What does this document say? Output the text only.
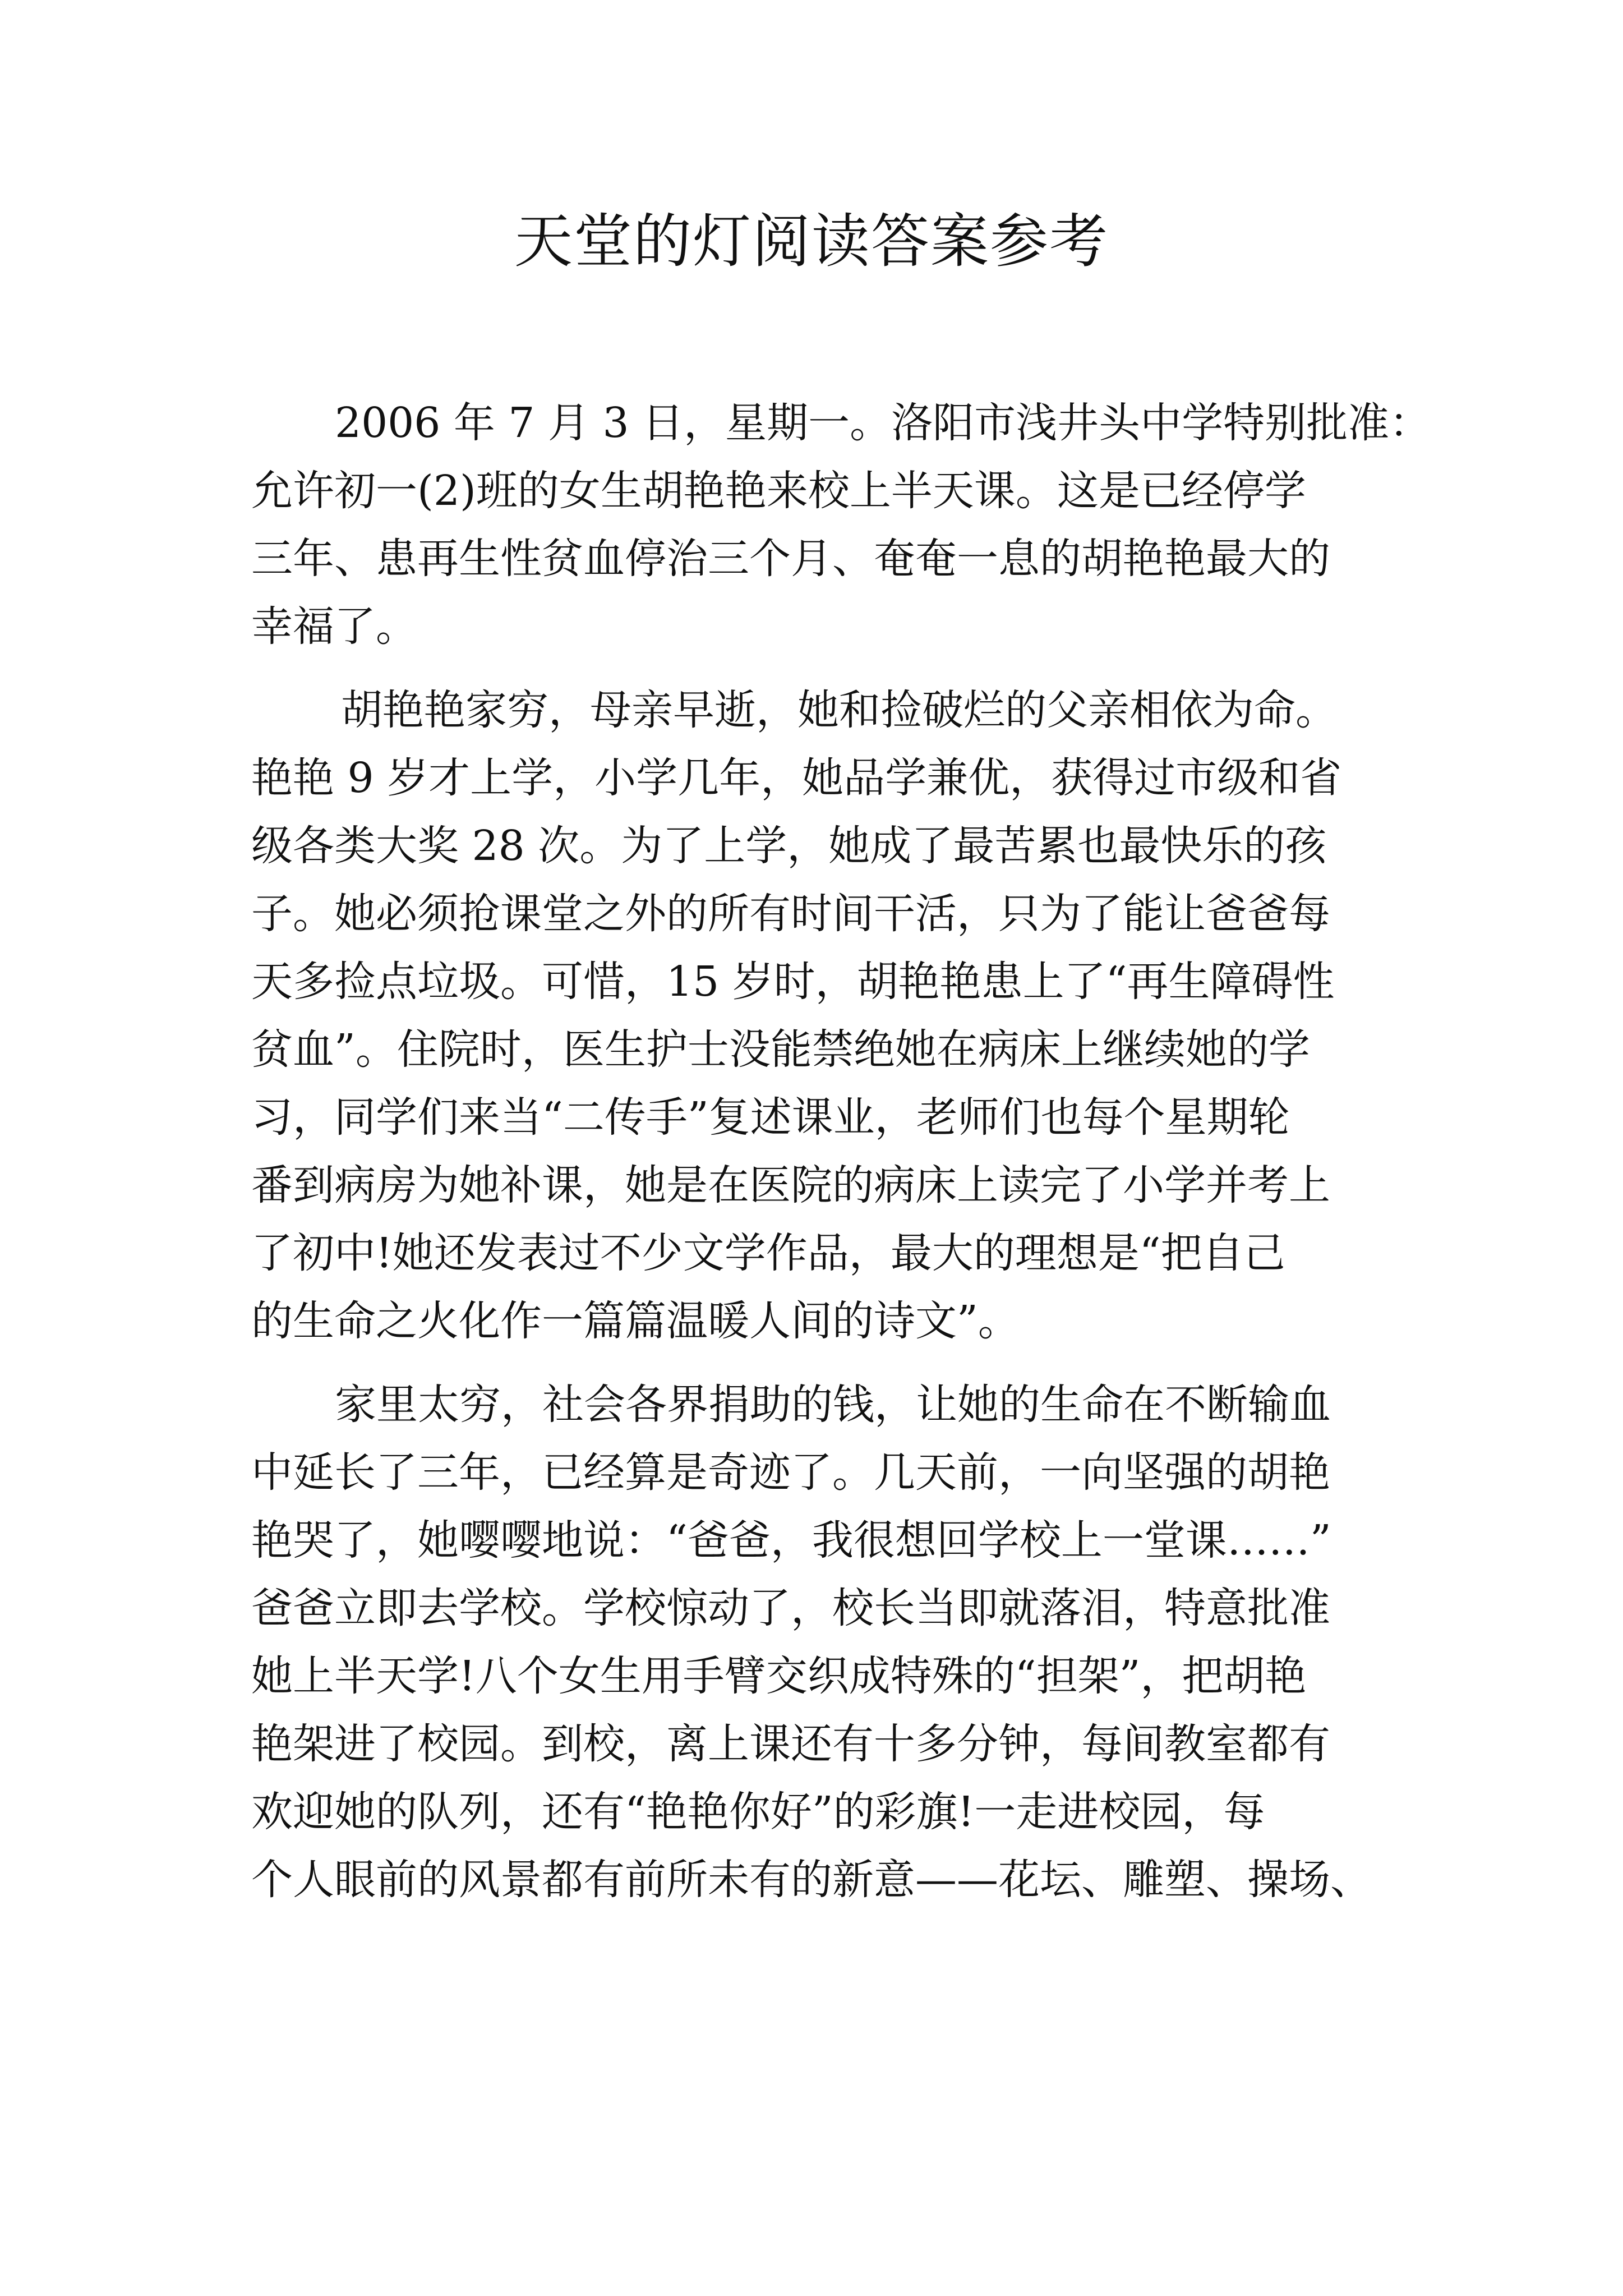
天堂的灯阅读答案参考
2006 年 7 月 3 日，星期一。洛阳市浅井头中学特别批准：
允许初一(2)班的女生胡艳艳来校上半天课。这是已经停学
三年、患再生性贫血停治三个月、奄奄一息的胡艳艳最大的
幸福了。
胡艳艳家穷，母亲早逝，她和捡破烂的父亲相依为命。
艳艳 9 岁才上学，小学几年，她品学兼优，获得过市级和省
级各类大奖 28 次。为了上学，她成了最苦累也最快乐的孩
子。她必须抢课堂之外的所有时间干活，只为了能让爸爸每
天多捡点垃圾。可惜，15 岁时，胡艳艳患上了“再生障碍性
贫血”。住院时，医生护士没能禁绝她在病床上继续她的学
习，同学们来当“二传手”复述课业，老师们也每个星期轮
番到病房为她补课，她是在医院的病床上读完了小学并考上
了初中!她还发表过不少文学作品，最大的理想是“把自己
的生命之火化作一篇篇温暖人间的诗文”。
家里太穷，社会各界捐助的钱，让她的生命在不断输血
中延长了三年，已经算是奇迹了。几天前，一向坚强的胡艳
艳哭了，她嘤嘤地说：“爸爸，我很想回学校上一堂课……”
爸爸立即去学校。学校惊动了，校长当即就落泪，特意批准
她上半天学!八个女生用手臂交织成特殊的“担架”，把胡艳
艳架进了校园。到校，离上课还有十多分钟，每间教室都有
欢迎她的队列，还有“艳艳你好”的彩旗!一走进校园，每
个人眼前的风景都有前所未有的新意——花坛、雕塑、操场、
